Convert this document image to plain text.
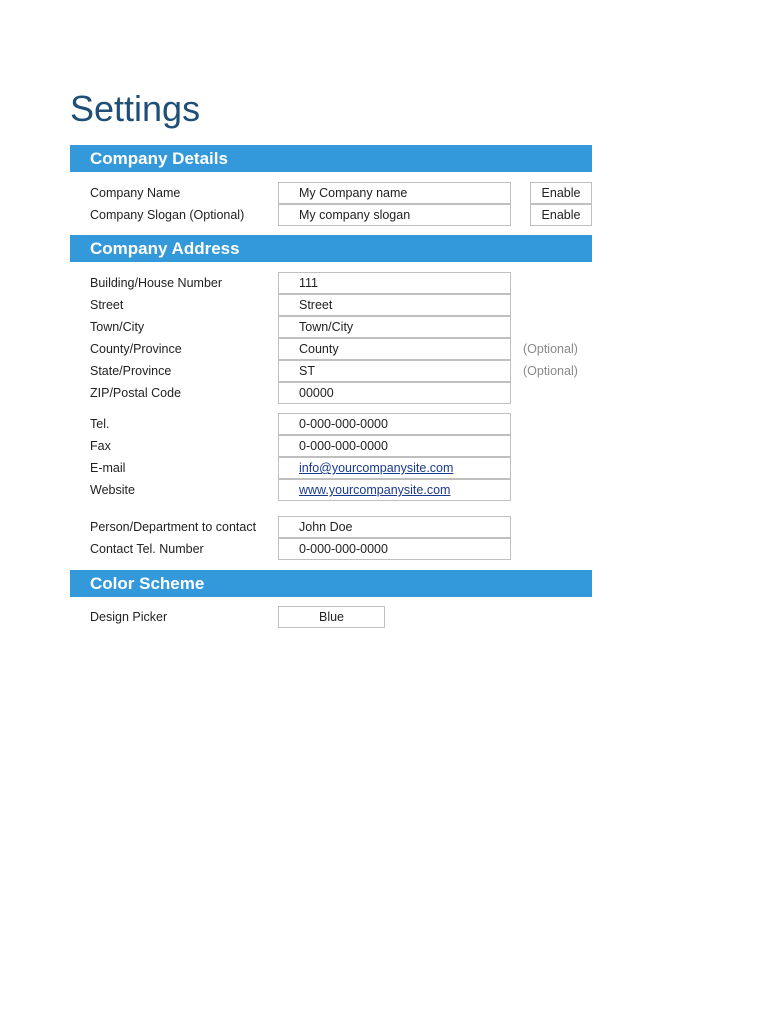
Settings
Company Details
Company Name	My Company name	Enable
Company Slogan (Optional)	My company slogan	Enable
Company Address
Building/House Number	111
Street	Street
Town/City	Town/City
County/Province	County	(Optional)
State/Province	ST	(Optional)
ZIP/Postal Code	00000
Tel.	0-000-000-0000
Fax	0-000-000-0000
E-mail	info@yourcompanysite.com
Website	www.yourcompanysite.com
Person/Department to contact	John Doe
Contact Tel. Number	0-000-000-0000
Color Scheme
Design Picker	Blue
